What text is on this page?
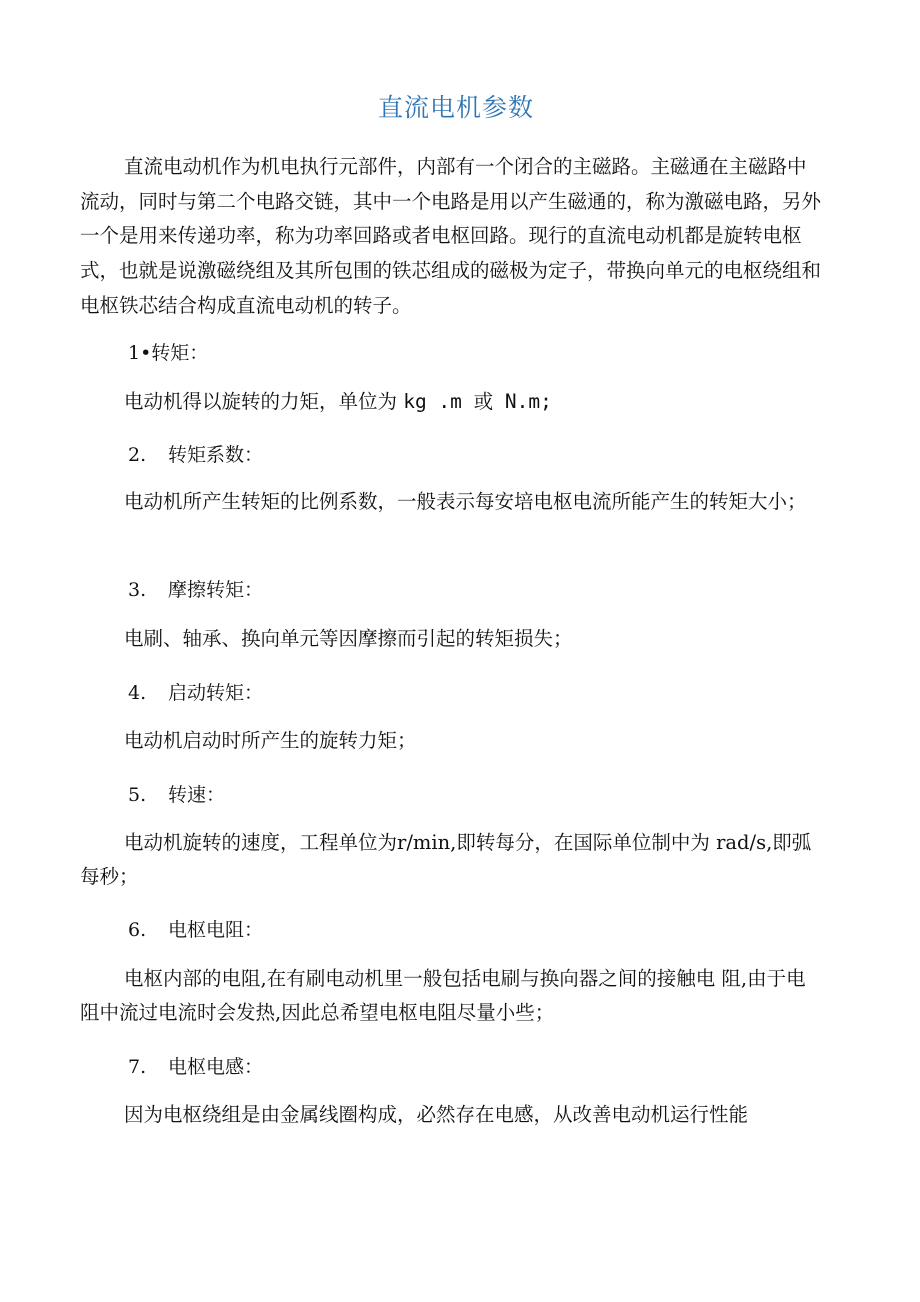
直流电机参数

直流电动机作为机电执行元部件，内部有一个闭合的主磁路。主磁通在主磁路中流动，同时与第二个电路交链，其中一个电路是用以产生磁通的，称为激磁电路，另外一个是用来传递功率，称为功率回路或者电枢回路。现行的直流电动机都是旋转电枢式，也就是说激磁绕组及其所包围的铁芯组成的磁极为定子，带换向单元的电枢绕组和电枢铁芯结合构成直流电动机的转子。

1•转矩：

电动机得以旋转的力矩，单位为 kg .m 或 N.m;

2. 转矩系数：

电动机所产生转矩的比例系数，一般表示每安培电枢电流所能产生的转矩大小；

3. 摩擦转矩：

电刷、轴承、换向单元等因摩擦而引起的转矩损失；

4. 启动转矩：

电动机启动时所产生的旋转力矩；

5. 转速：

电动机旋转的速度，工程单位为r/min,即转每分，在国际单位制中为 rad/s,即弧每秒；

6. 电枢电阻：

电枢内部的电阻,在有刷电动机里一般包括电刷与换向器之间的接触电 阻,由于电阻中流过电流时会发热,因此总希望电枢电阻尽量小些；

7. 电枢电感：

因为电枢绕组是由金属线圈构成，必然存在电感，从改善电动机运行性能
